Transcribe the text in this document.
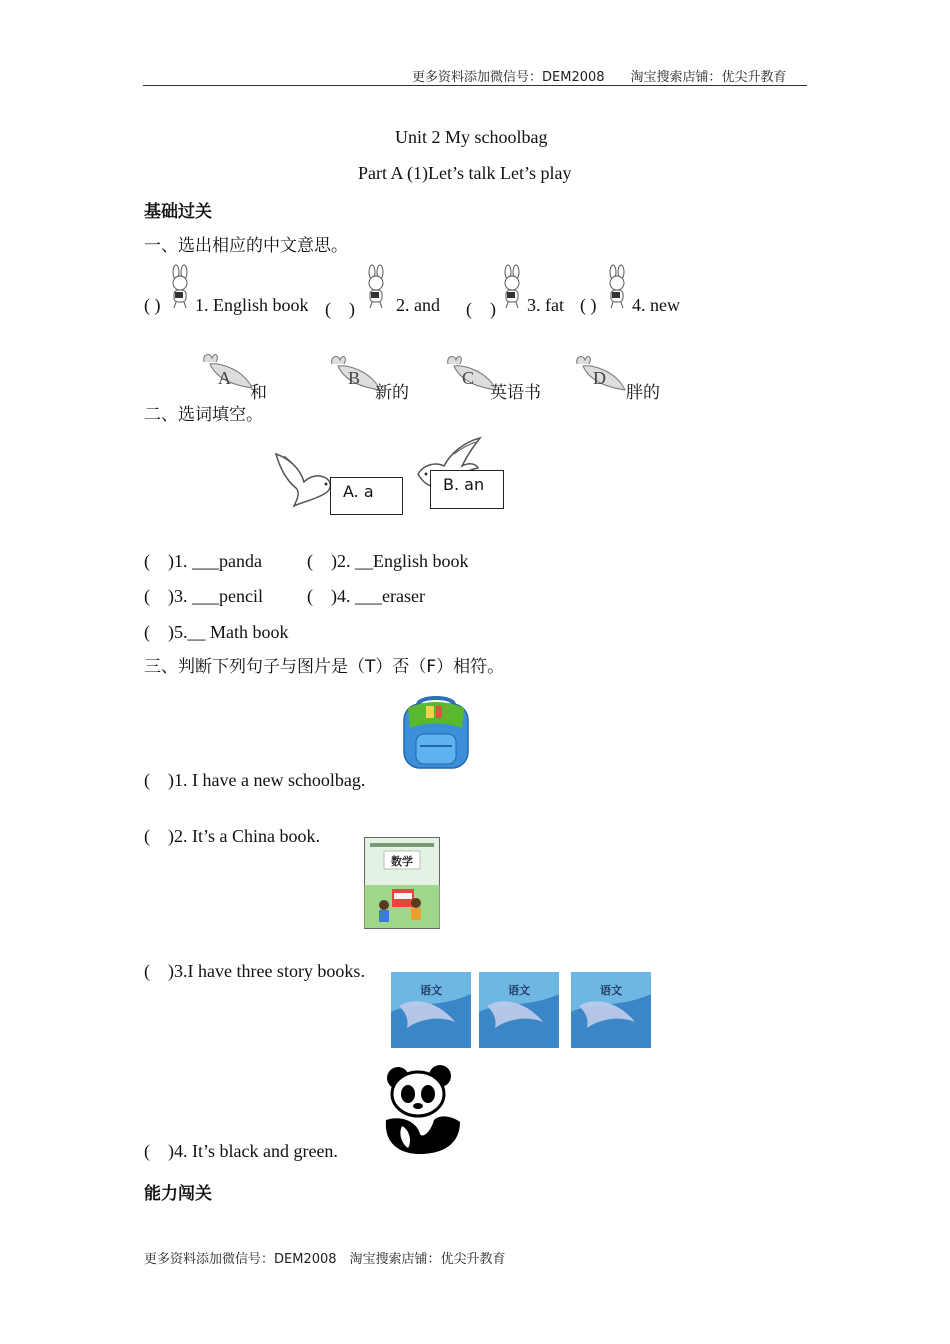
更多资料添加微信号：DEM2008　　淘宝搜索店铺：优尖升教育
Unit 2 My schoolbag
Part A (1)Let’s talk Let’s play
基础过关
一、选出相应的中文意思。
( ) 1. English book (　) 2. and (　) 3. fat ( ) 4. new
A	B	C	D
和	新的	英语书	胖的
二、选词填空。
A. a	B. an
(　)1. ___panda	(　)2. __English book
(　)3. ___pencil (　)4. ___eraser
(　)5.__ Math book
三、判断下列句子与图片是（T）否（F）相符。
(　)1. I have a new schoolbag.
(　)2. It’s a China book.
数学
(　)3.I have three story books.
语文	语文	语文
(　)4. It’s black and green.
能力闯关
更多资料添加微信号：DEM2008　淘宝搜索店铺：优尖升教育
